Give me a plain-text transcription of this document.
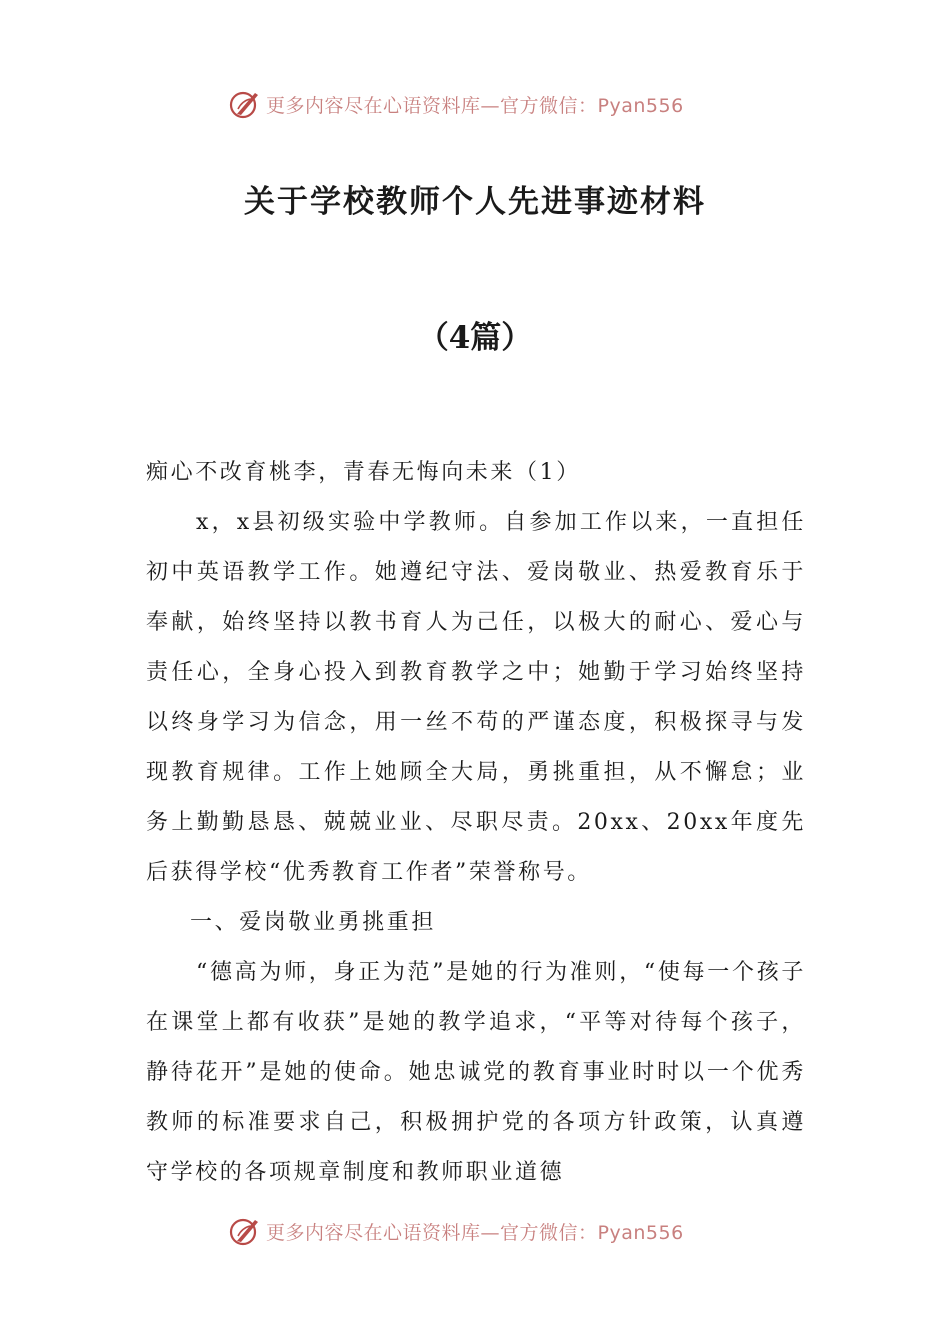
更多内容尽在心语资料库—官方微信：Pyan556
关于学校教师个人先进事迹材料
（4篇）

痴心不改育桃李，青春无悔向未来（1）

x，x县初级实验中学教师。自参加工作以来，一直担任初中英语教学工作。她遵纪守法、爱岗敬业、热爱教育乐于奉献，始终坚持以教书育人为己任，以极大的耐心、爱心与责任心，全身心投入到教育教学之中；她勤于学习始终坚持以终身学习为信念，用一丝不苟的严谨态度，积极探寻与发现教育规律。工作上她顾全大局，勇挑重担，从不懈怠；业务上勤勤恳恳、兢兢业业、尽职尽责。20xx、20xx年度先后获得学校“优秀教育工作者”荣誉称号。

一、爱岗敬业勇挑重担

“德高为师，身正为范”是她的行为准则，“使每一个孩子在课堂上都有收获”是她的教学追求，“平等对待每个孩子，静待花开”是她的使命。她忠诚党的教育事业时时以一个优秀教师的标准要求自己，积极拥护党的各项方针政策，认真遵守学校的各项规章制度和教师职业道德

更多内容尽在心语资料库—官方微信：Pyan556
